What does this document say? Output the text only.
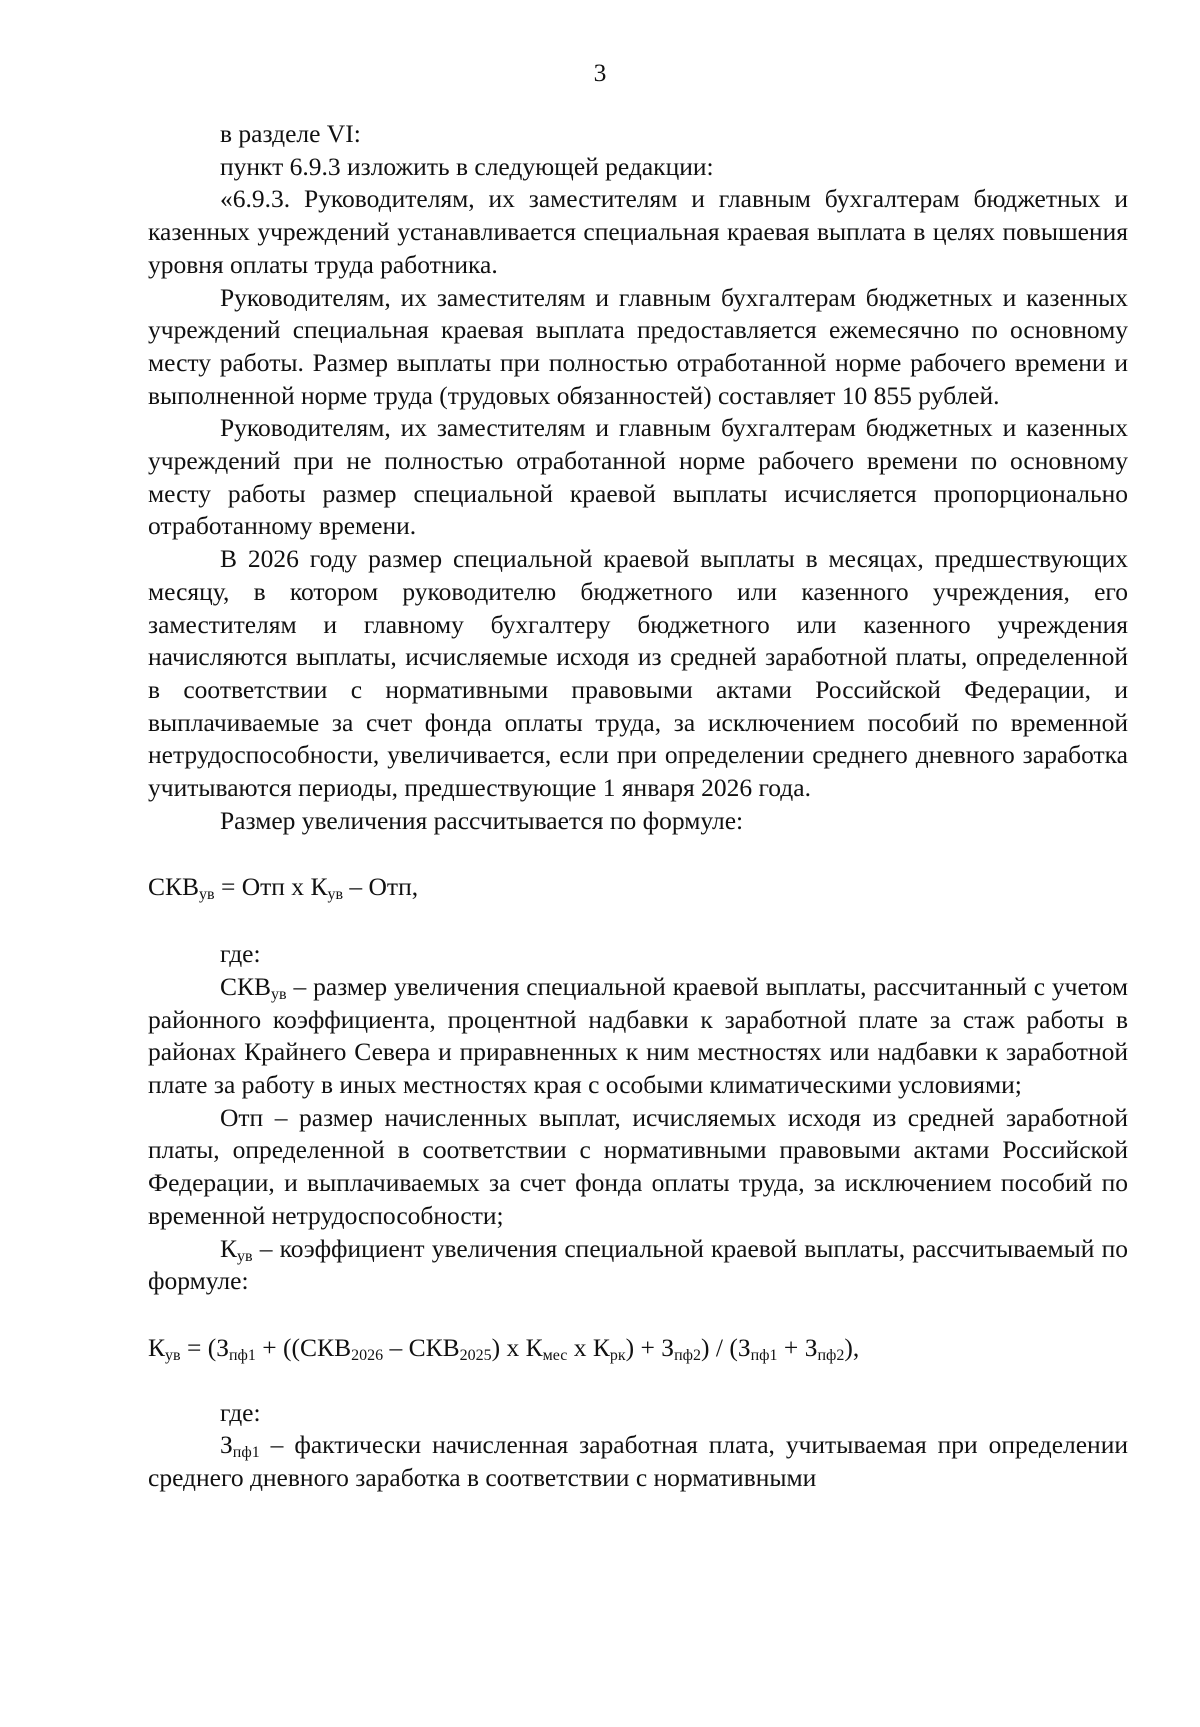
3

в разделе VI:

пункт 6.9.3 изложить в следующей редакции:

«6.9.3. Руководителям, их заместителям и главным бухгалтерам бюджетных и казенных учреждений устанавливается специальная краевая выплата в целях повышения уровня оплаты труда работника.

Руководителям, их заместителям и главным бухгалтерам бюджетных и казенных учреждений специальная краевая выплата предоставляется ежемесячно по основному месту работы. Размер выплаты при полностью отработанной норме рабочего времени и выполненной норме труда (трудовых обязанностей) составляет 10 855 рублей.

Руководителям, их заместителям и главным бухгалтерам бюджетных и казенных учреждений при не полностью отработанной норме рабочего времени по основному месту работы размер специальной краевой выплаты исчисляется пропорционально отработанному времени.

В 2026 году размер специальной краевой выплаты в месяцах, предшествующих месяцу, в котором руководителю бюджетного или казенного учреждения, его заместителям и главному бухгалтеру бюджетного или казенного учреждения начисляются выплаты, исчисляемые исходя из средней заработной платы, определенной в соответствии с нормативными правовыми актами Российской Федерации, и выплачиваемые за счет фонда оплаты труда, за исключением пособий по временной нетрудоспособности, увеличивается, если при определении среднего дневного заработка учитываются периоды, предшествующие 1 января 2026 года.

Размер увеличения рассчитывается по формуле:

$СКВ_{ув}$ = Отп х $К_{ув}$ – Отп,

где:

$СКВ_{ув}$ – размер увеличения специальной краевой выплаты, рассчитанный с учетом районного коэффициента, процентной надбавки к заработной плате за стаж работы в районах Крайнего Севера и приравненных к ним местностях или надбавки к заработной плате за работу в иных местностях края с особыми климатическими условиями;

Отп – размер начисленных выплат, исчисляемых исходя из средней заработной платы, определенной в соответствии с нормативными правовыми актами Российской Федерации, и выплачиваемых за счет фонда оплаты труда, за исключением пособий по временной нетрудоспособности;

$К_{ув}$ – коэффициент увеличения специальной краевой выплаты, рассчитываемый по формуле:

$К_{ув} = (З_{пф1} + ((СКВ_{2026} - СКВ_{2025})$ х $К_{мес}$ х $К_{рк}) + З_{пф2}) / (З_{пф1} + З_{пф2})$,

где:

$З_{пф1}$ – фактически начисленная заработная плата, учитываемая при определении среднего дневного заработка в соответствии с нормативными
